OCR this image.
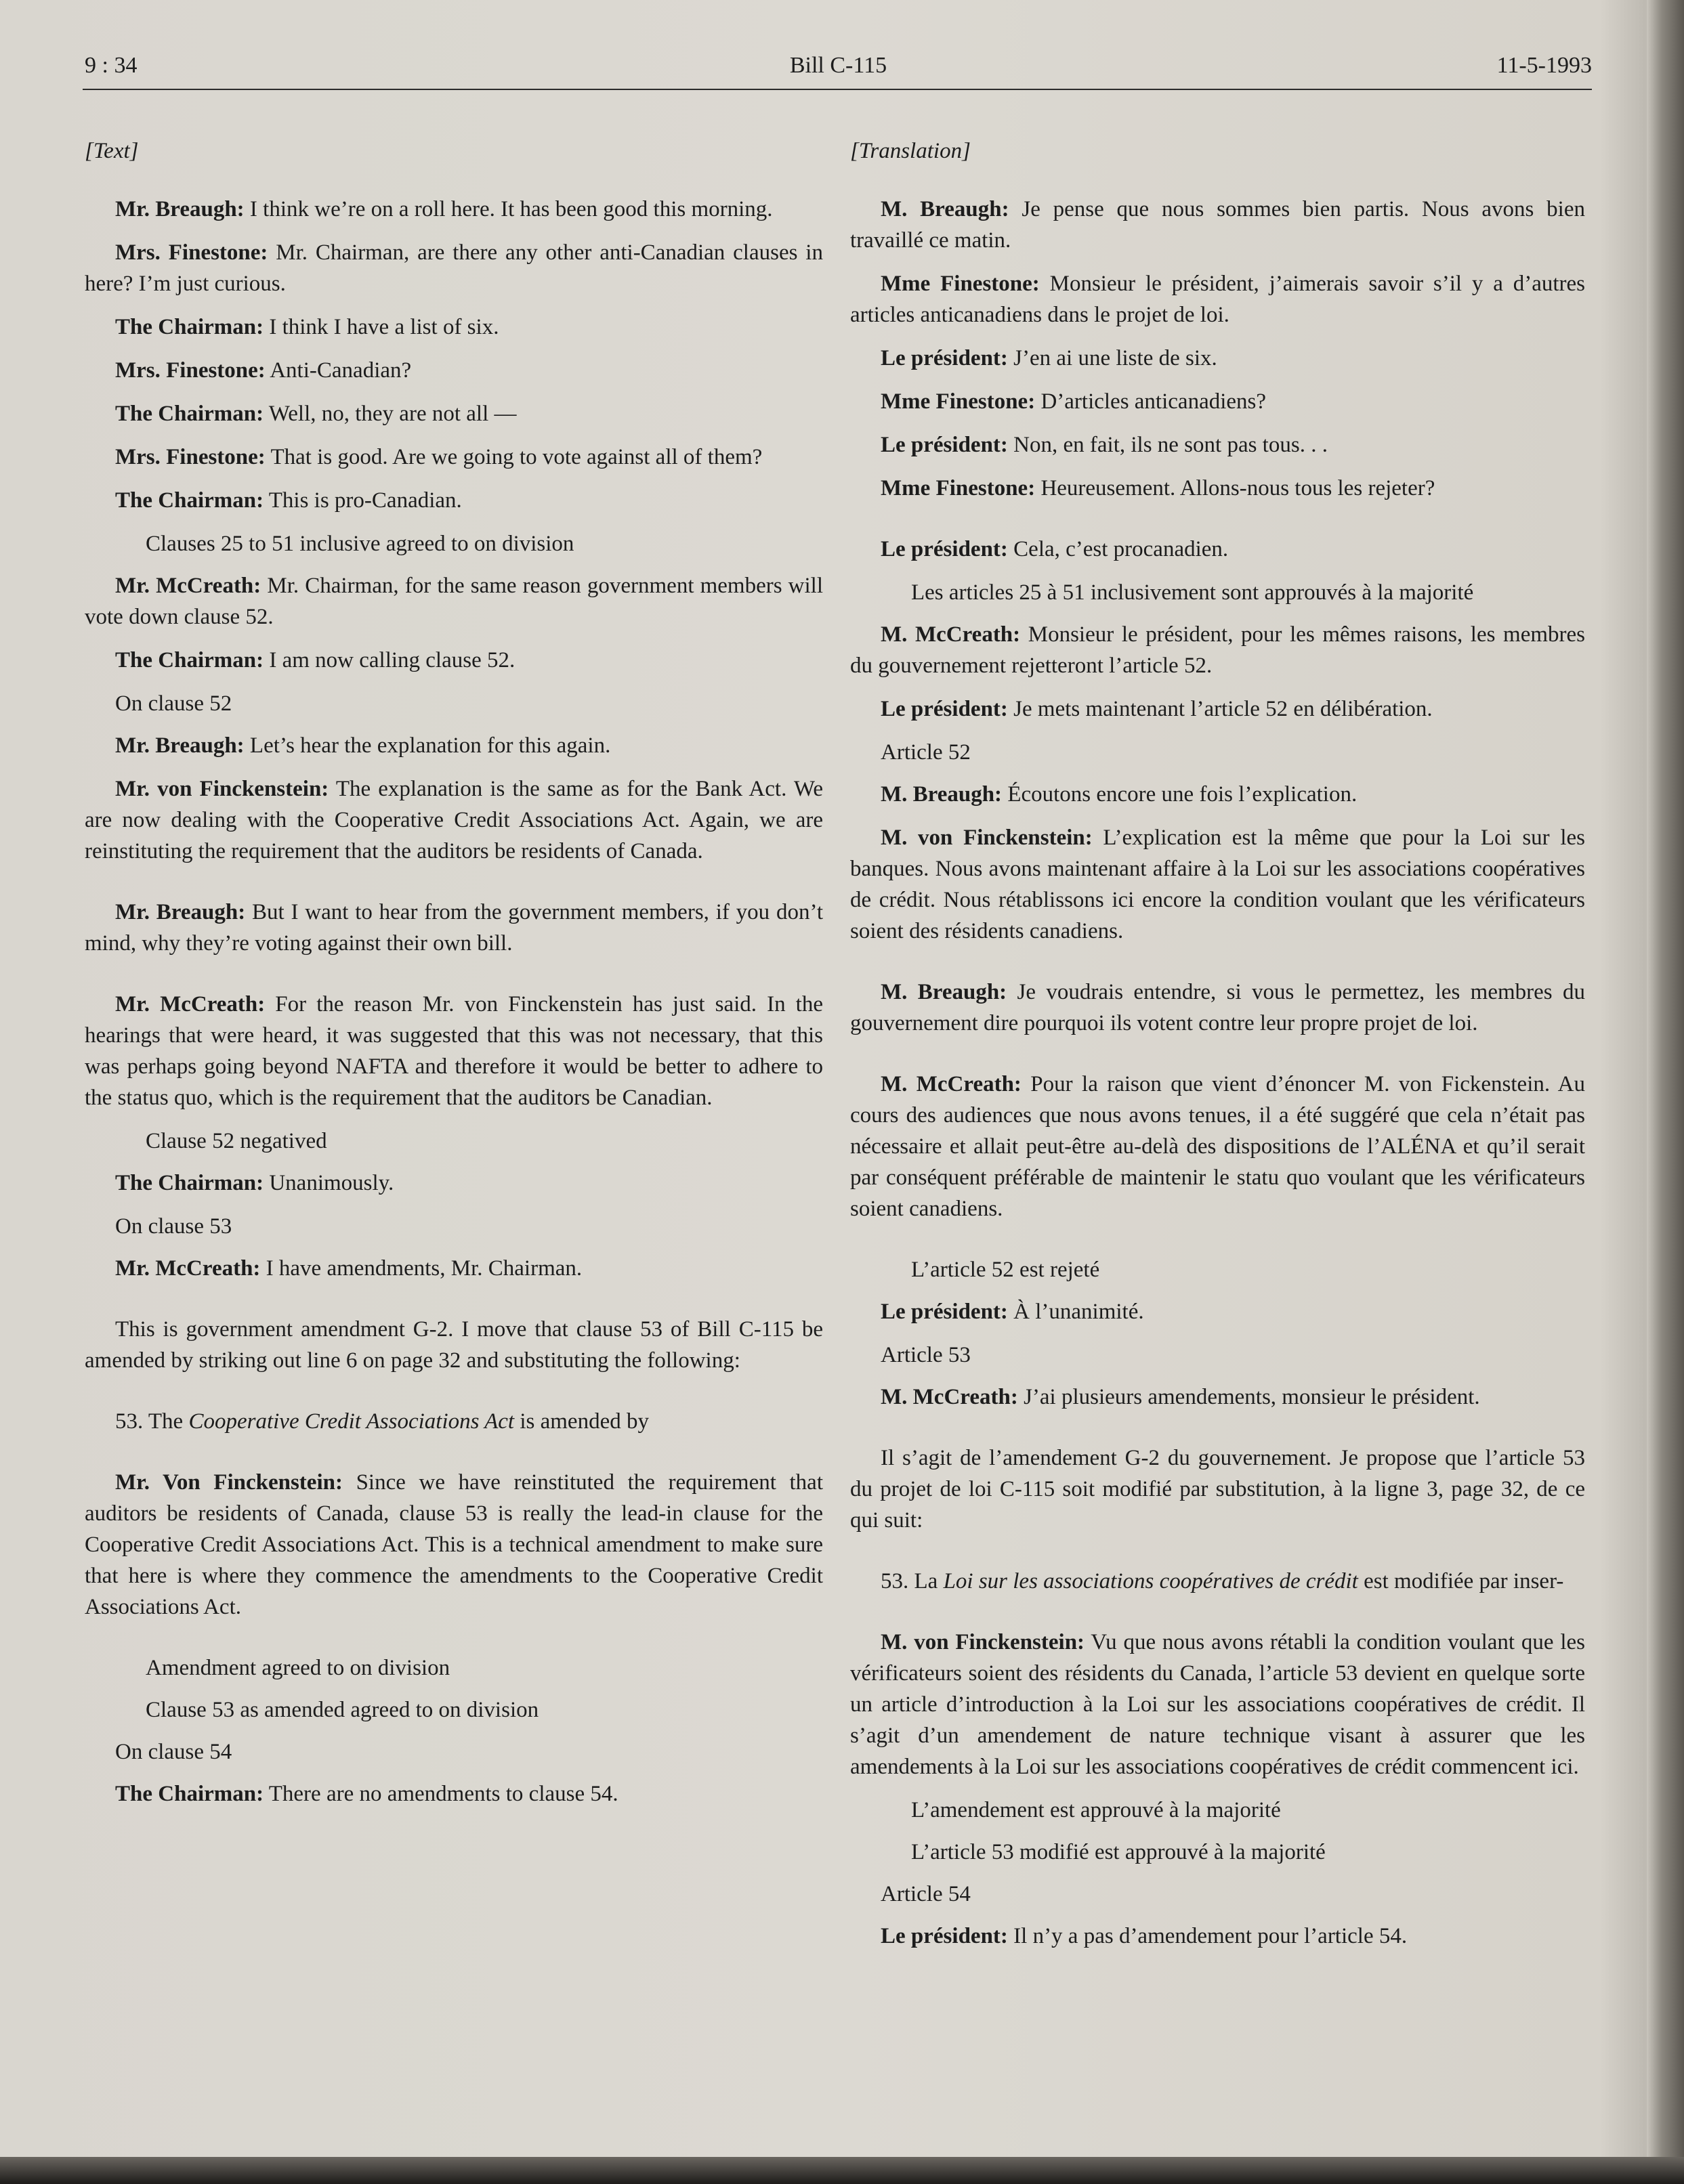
9 : 34	Bill C-115	11-5-1993

[Text]

Mr. Breaugh: I think we’re on a roll here. It has been good this morning.

Mrs. Finestone: Mr. Chairman, are there any other anti-Canadian clauses in here? I’m just curious.

The Chairman: I think I have a list of six.

Mrs. Finestone: Anti-Canadian?

The Chairman: Well, no, they are not all —

Mrs. Finestone: That is good. Are we going to vote against all of them?

The Chairman: This is pro-Canadian.

Clauses 25 to 51 inclusive agreed to on division

Mr. McCreath: Mr. Chairman, for the same reason government members will vote down clause 52.

The Chairman: I am now calling clause 52.

On clause 52

Mr. Breaugh: Let’s hear the explanation for this again.

Mr. von Finckenstein: The explanation is the same as for the Bank Act. We are now dealing with the Cooperative Credit Associations Act. Again, we are reinstituting the requirement that the auditors be residents of Canada.

Mr. Breaugh: But I want to hear from the government members, if you don’t mind, why they’re voting against their own bill.

Mr. McCreath: For the reason Mr. von Finckenstein has just said. In the hearings that were heard, it was suggested that this was not necessary, that this was perhaps going beyond NAFTA and therefore it would be better to adhere to the status quo, which is the requirement that the auditors be Canadian.

Clause 52 negatived

The Chairman: Unanimously.

On clause 53

Mr. McCreath: I have amendments, Mr. Chairman.

This is government amendment G-2. I move that clause 53 of Bill C-115 be amended by striking out line 6 on page 32 and substituting the following:

53. The Cooperative Credit Associations Act is amended by

Mr. Von Finckenstein: Since we have reinstituted the requirement that auditors be residents of Canada, clause 53 is really the lead-in clause for the Cooperative Credit Associations Act. This is a technical amendment to make sure that here is where they commence the amendments to the Cooperative Credit Associations Act.

Amendment agreed to on division

Clause 53 as amended agreed to on division

On clause 54

The Chairman: There are no amendments to clause 54.

[Translation]

M. Breaugh: Je pense que nous sommes bien partis. Nous avons bien travaillé ce matin.

Mme Finestone: Monsieur le président, j’aimerais savoir s’il y a d’autres articles anticanadiens dans le projet de loi.

Le président: J’en ai une liste de six.

Mme Finestone: D’articles anticanadiens?

Le président: Non, en fait, ils ne sont pas tous. . .

Mme Finestone: Heureusement. Allons-nous tous les rejeter?

Le président: Cela, c’est procanadien.

Les articles 25 à 51 inclusivement sont approuvés à la majorité

M. McCreath: Monsieur le président, pour les mêmes raisons, les membres du gouvernement rejetteront l’article 52.

Le président: Je mets maintenant l’article 52 en délibération.

Article 52

M. Breaugh: Écoutons encore une fois l’explication.

M. von Finckenstein: L’explication est la même que pour la Loi sur les banques. Nous avons maintenant affaire à la Loi sur les associations coopératives de crédit. Nous rétablissons ici encore la condition voulant que les vérificateurs soient des résidents canadiens.

M. Breaugh: Je voudrais entendre, si vous le permettez, les membres du gouvernement dire pourquoi ils votent contre leur propre projet de loi.

M. McCreath: Pour la raison que vient d’énoncer M. von Fickenstein. Au cours des audiences que nous avons tenues, il a été suggéré que cela n’était pas nécessaire et allait peut-être au-delà des dispositions de l’ALÉNA et qu’il serait par conséquent préférable de maintenir le statu quo voulant que les vérificateurs soient canadiens.

L’article 52 est rejeté

Le président: À l’unanimité.

Article 53

M. McCreath: J’ai plusieurs amendements, monsieur le président.

Il s’agit de l’amendement G-2 du gouvernement. Je propose que l’article 53 du projet de loi C-115 soit modifié par substitution, à la ligne 3, page 32, de ce qui suit:

53. La Loi sur les associations coopératives de crédit est modifiée par inser-

M. von Finckenstein: Vu que nous avons rétabli la condition voulant que les vérificateurs soient des résidents du Canada, l’article 53 devient en quelque sorte un article d’introduction à la Loi sur les associations coopératives de crédit. Il s’agit d’un amendement de nature technique visant à assurer que les amendements à la Loi sur les associations coopératives de crédit commencent ici.

L’amendement est approuvé à la majorité

L’article 53 modifié est approuvé à la majorité

Article 54

Le président: Il n’y a pas d’amendement pour l’article 54.
